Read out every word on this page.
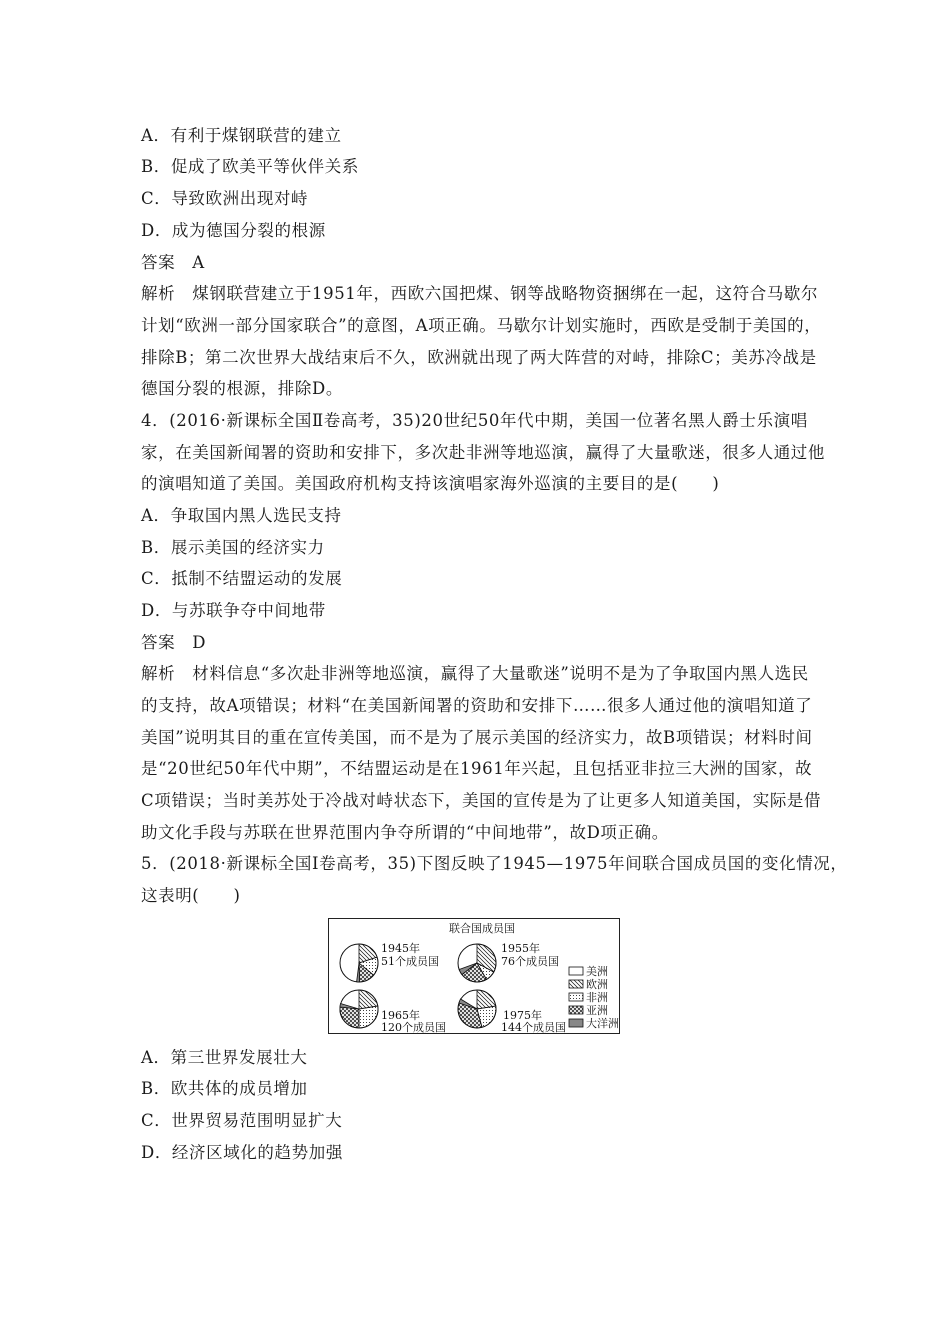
A．有利于煤钢联营的建立
B．促成了欧美平等伙伴关系
C．导致欧洲出现对峙
D．成为德国分裂的根源
答案　A
解析　煤钢联营建立于1951年，西欧六国把煤、钢等战略物资捆绑在一起，这符合马歇尔
计划“欧洲一部分国家联合”的意图，A项正确。马歇尔计划实施时，西欧是受制于美国的，
排除B；第二次世界大战结束后不久，欧洲就出现了两大阵营的对峙，排除C；美苏冷战是
德国分裂的根源，排除D。
4．(2016·新课标全国Ⅱ卷高考，35)20世纪50年代中期，美国一位著名黑人爵士乐演唱
家，在美国新闻署的资助和安排下，多次赴非洲等地巡演，赢得了大量歌迷，很多人通过他
的演唱知道了美国。美国政府机构支持该演唱家海外巡演的主要目的是(　　)
A．争取国内黑人选民支持
B．展示美国的经济实力
C．抵制不结盟运动的发展
D．与苏联争夺中间地带
答案　D
解析　材料信息“多次赴非洲等地巡演，赢得了大量歌迷”说明不是为了争取国内黑人选民
的支持，故A项错误；材料“在美国新闻署的资助和安排下……很多人通过他的演唱知道了
美国”说明其目的重在宣传美国，而不是为了展示美国的经济实力，故B项错误；材料时间
是“20世纪50年代中期”，不结盟运动是在1961年兴起，且包括亚非拉三大洲的国家，故
C项错误；当时美苏处于冷战对峙状态下，美国的宣传是为了让更多人知道美国，实际是借
助文化手段与苏联在世界范围内争夺所谓的“中间地带”，故D项正确。
5．(2018·新课标全国Ⅰ卷高考，35)下图反映了1945—1975年间联合国成员国的变化情况，
这表明(　　)
联合国成员国
1945年
51个成员国
1955年
76个成员国
1965年
120个成员国
1975年
144个成员国
美洲
欧洲
非洲
亚洲
大洋洲
A．第三世界发展壮大
B．欧共体的成员增加
C．世界贸易范围明显扩大
D．经济区域化的趋势加强
